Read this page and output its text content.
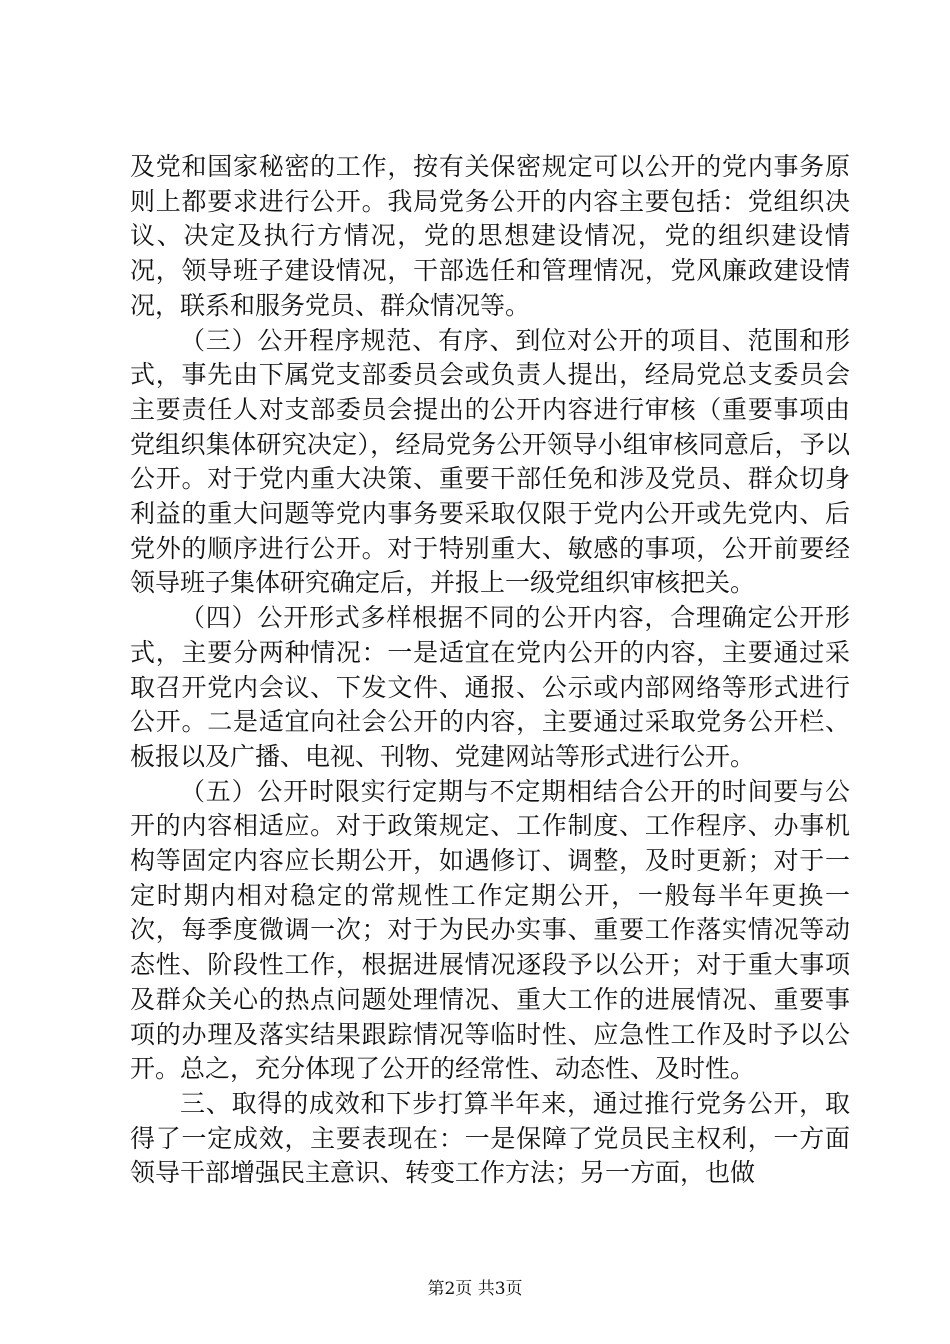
及党和国家秘密的工作，按有关保密规定可以公开的党内事务原则上都要求进行公开。我局党务公开的内容主要包括：党组织决议、决定及执行方情况，党的思想建设情况，党的组织建设情况，领导班子建设情况，干部选任和管理情况，党风廉政建设情况，联系和服务党员、群众情况等。

（三）公开程序规范、有序、到位对公开的项目、范围和形式，事先由下属党支部委员会或负责人提出，经局党总支委员会主要责任人对支部委员会提出的公开内容进行审核（重要事项由党组织集体研究决定），经局党务公开领导小组审核同意后，予以公开。对于党内重大决策、重要干部任免和涉及党员、群众切身利益的重大问题等党内事务要采取仅限于党内公开或先党内、后党外的顺序进行公开。对于特别重大、敏感的事项，公开前要经领导班子集体研究确定后，并报上一级党组织审核把关。

（四）公开形式多样根据不同的公开内容，合理确定公开形式，主要分两种情况：一是适宜在党内公开的内容，主要通过采取召开党内会议、下发文件、通报、公示或内部网络等形式进行公开。二是适宜向社会公开的内容，主要通过采取党务公开栏、板报以及广播、电视、刊物、党建网站等形式进行公开。

（五）公开时限实行定期与不定期相结合公开的时间要与公开的内容相适应。对于政策规定、工作制度、工作程序、办事机构等固定内容应长期公开，如遇修订、调整，及时更新；对于一定时期内相对稳定的常规性工作定期公开，一般每半年更换一次，每季度微调一次；对于为民办实事、重要工作落实情况等动态性、阶段性工作，根据进展情况逐段予以公开；对于重大事项及群众关心的热点问题处理情况、重大工作的进展情况、重要事项的办理及落实结果跟踪情况等临时性、应急性工作及时予以公开。总之，充分体现了公开的经常性、动态性、及时性。

三、取得的成效和下步打算半年来，通过推行党务公开，取得了一定成效，主要表现在：一是保障了党员民主权利，一方面领导干部增强民主意识、转变工作方法；另一方面，也做

第2页 共3页
